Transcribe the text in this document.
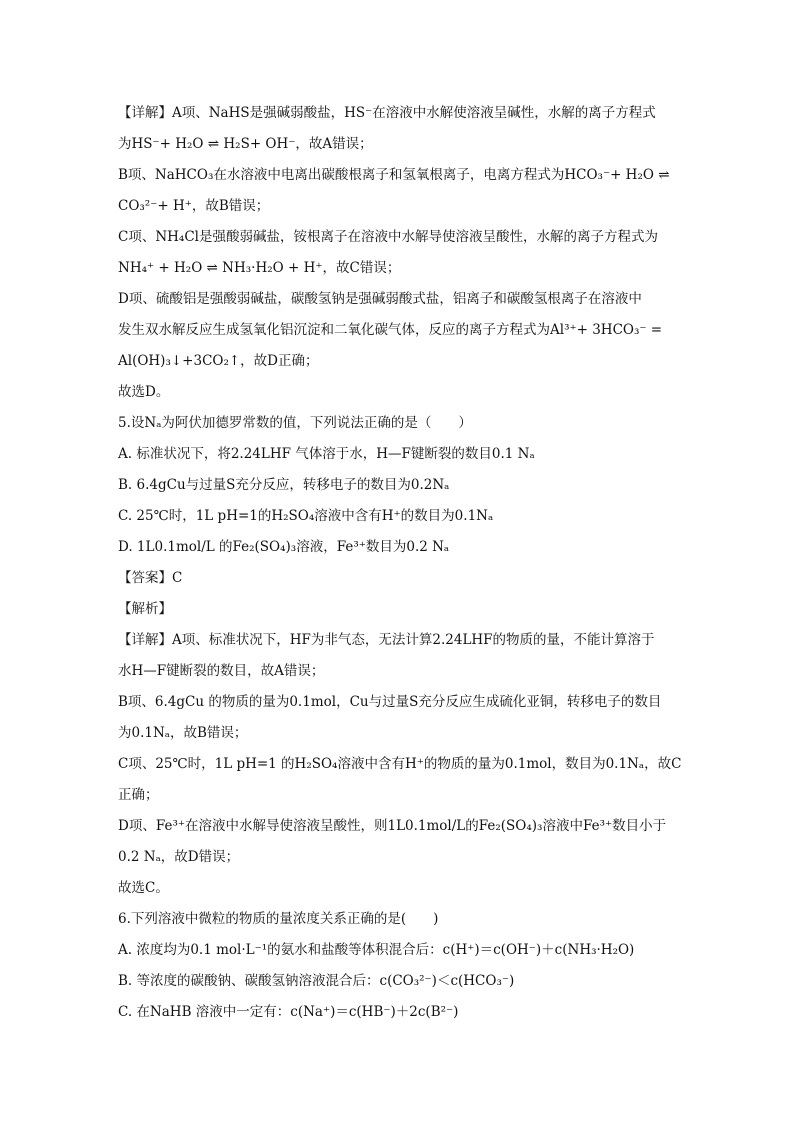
【详解】A项、NaHS是强碱弱酸盐，HS⁻在溶液中水解使溶液呈碱性，水解的离子方程式
为HS⁻+ H₂O ⇌ H₂S+ OH⁻，故A错误；
B项、NaHCO₃在水溶液中电离出碳酸根离子和氢氧根离子，电离方程式为HCO₃⁻+ H₂O ⇌
CO₃²⁻+ H⁺，故B错误；
C项、NH₄Cl是强酸弱碱盐，铵根离子在溶液中水解导使溶液呈酸性，水解的离子方程式为
NH₄⁺ + H₂O ⇌ NH₃·H₂O + H⁺，故C错误；
D项、硫酸铝是强酸弱碱盐，碳酸氢钠是强碱弱酸式盐，铝离子和碳酸氢根离子在溶液中
发生双水解反应生成氢氧化铝沉淀和二氧化碳气体，反应的离子方程式为Al³⁺+ 3HCO₃⁻ =
Al(OH)₃↓+3CO₂↑，故D正确；
故选D。
5.设Nₐ为阿伏加德罗常数的值，下列说法正确的是（　　）
A. 标准状况下，将2.24LHF 气体溶于水，H—F键断裂的数目0.1 Nₐ
B. 6.4gCu与过量S充分反应，转移电子的数目为0.2Nₐ
C. 25℃时，1L pH=1的H₂SO₄溶液中含有H⁺的数目为0.1Nₐ
D. 1L0.1mol/L 的Fe₂(SO₄)₃溶液，Fe³⁺数目为0.2 Nₐ
【答案】C
【解析】
【详解】A项、标准状况下，HF为非气态，无法计算2.24LHF的物质的量，不能计算溶于
水H—F键断裂的数目，故A错误；
B项、6.4gCu 的物质的量为0.1mol，Cu与过量S充分反应生成硫化亚铜，转移电子的数目
为0.1Nₐ，故B错误；
C项、25℃时，1L pH=1 的H₂SO₄溶液中含有H⁺的物质的量为0.1mol，数目为0.1Nₐ，故C
正确；
D项、Fe³⁺在溶液中水解导使溶液呈酸性，则1L0.1mol/L的Fe₂(SO₄)₃溶液中Fe³⁺数目小于
0.2 Nₐ，故D错误；
故选C。
6.下列溶液中微粒的物质的量浓度关系正确的是(　　)
A. 浓度均为0.1 mol·L⁻¹的氨水和盐酸等体积混合后：c(H⁺)＝c(OH⁻)＋c(NH₃·H₂O)
B. 等浓度的碳酸钠、碳酸氢钠溶液混合后：c(CO₃²⁻)＜c(HCO₃⁻)
C. 在NaHB 溶液中一定有：c(Na⁺)＝c(HB⁻)＋2c(B²⁻)
